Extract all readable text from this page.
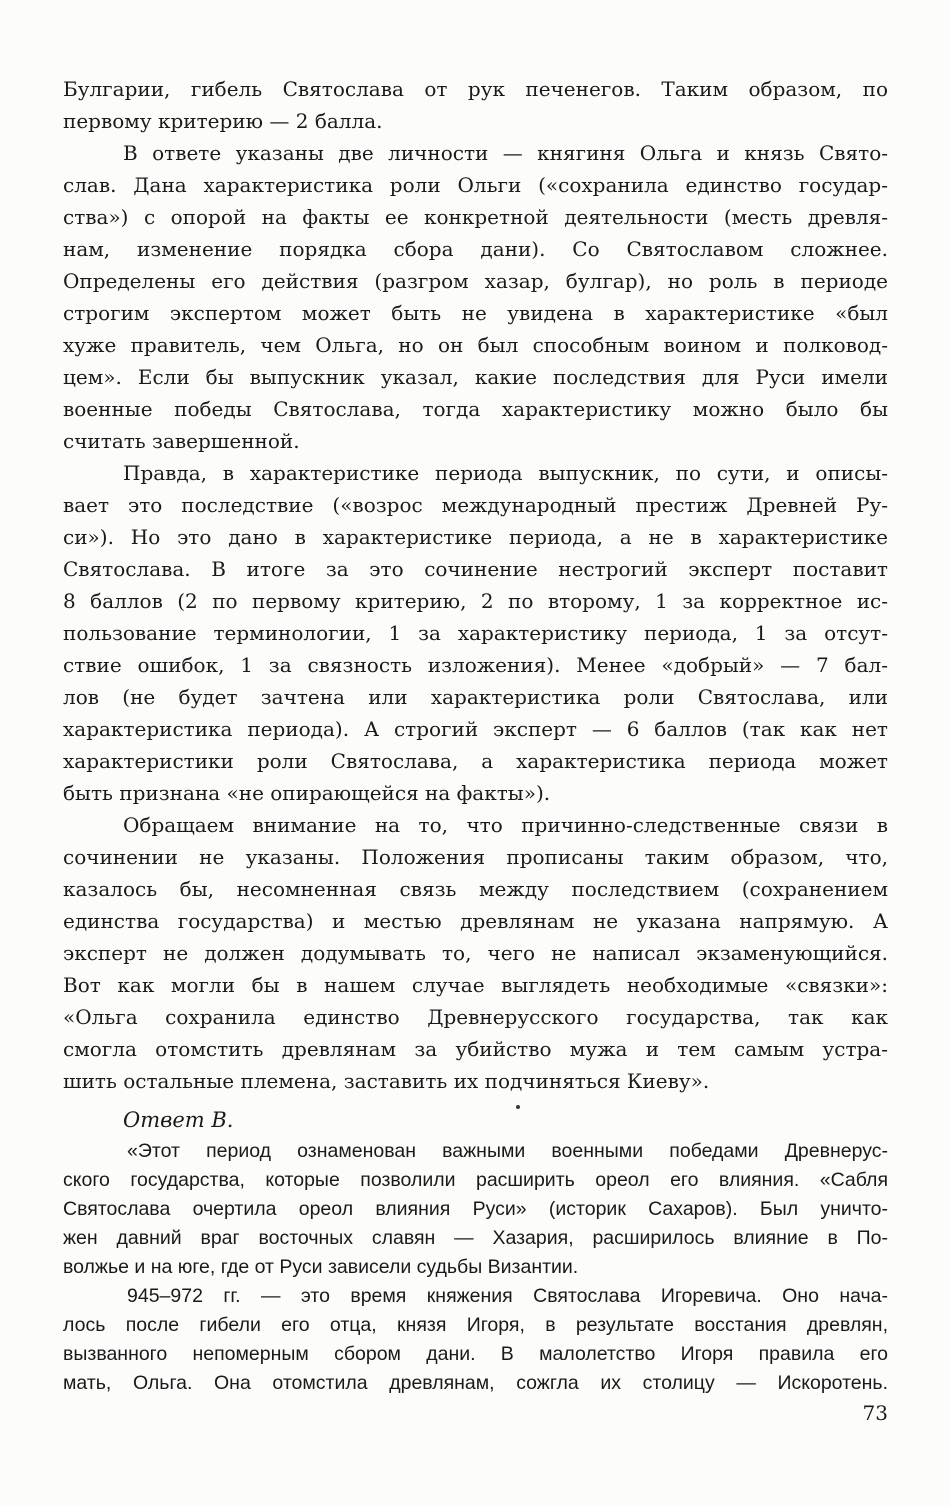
Булгарии, гибель Святослава от рук печенегов. Таким образом, по
первому критерию — 2 балла.
В ответе указаны две личности — княгиня Ольга и князь Свято-
слав. Дана характеристика роли Ольги («сохранила единство государ-
ства») с опорой на факты ее конкретной деятельности (месть древля-
нам, изменение порядка сбора дани). Со Святославом сложнее.
Определены его действия (разгром хазар, булгар), но роль в периоде
строгим экспертом может быть не увидена в характеристике «был
хуже правитель, чем Ольга, но он был способным воином и полковод-
цем». Если бы выпускник указал, какие последствия для Руси имели
военные победы Святослава, тогда характеристику можно было бы
считать завершенной.
Правда, в характеристике периода выпускник, по сути, и описы-
вает это последствие («возрос международный престиж Древней Ру-
си»). Но это дано в характеристике периода, а не в характеристике
Святослава. В итоге за это сочинение нестрогий эксперт поставит
8 баллов (2 по первому критерию, 2 по второму, 1 за корректное ис-
пользование терминологии, 1 за характеристику периода, 1 за отсут-
ствие ошибок, 1 за связность изложения). Менее «добрый» — 7 бал-
лов (не будет зачтена или характеристика роли Святослава, или
характеристика периода). А строгий эксперт — 6 баллов (так как нет
характеристики роли Святослава, а характеристика периода может
быть признана «не опирающейся на факты»).
Обращаем внимание на то, что причинно-следственные связи в
сочинении не указаны. Положения прописаны таким образом, что,
казалось бы, несомненная связь между последствием (сохранением
единства государства) и местью древлянам не указана напрямую. А
эксперт не должен додумывать то, чего не написал экзаменующийся.
Вот как могли бы в нашем случае выглядеть необходимые «связки»:
«Ольга сохранила единство Древнерусского государства, так как
смогла отомстить древлянам за убийство мужа и тем самым устра-
шить остальные племена, заставить их подчиняться Киеву».
Ответ В.
«Этот период ознаменован важными военными победами Древнерус-
ского государства, которые позволили расширить ореол его влияния. «Сабля
Святослава очертила ореол влияния Руси» (историк Сахаров). Был уничто-
жен давний враг восточных славян — Хазария, расширилось влияние в По-
волжье и на юге, где от Руси зависели судьбы Византии.
945–972 гг. — это время княжения Святослава Игоревича. Оно нача-
лось после гибели его отца, князя Игоря, в результате восстания древлян,
вызванного непомерным сбором дани. В малолетство Игоря правила его
мать, Ольга. Она отомстила древлянам, сожгла их столицу — Искоротень.
73
